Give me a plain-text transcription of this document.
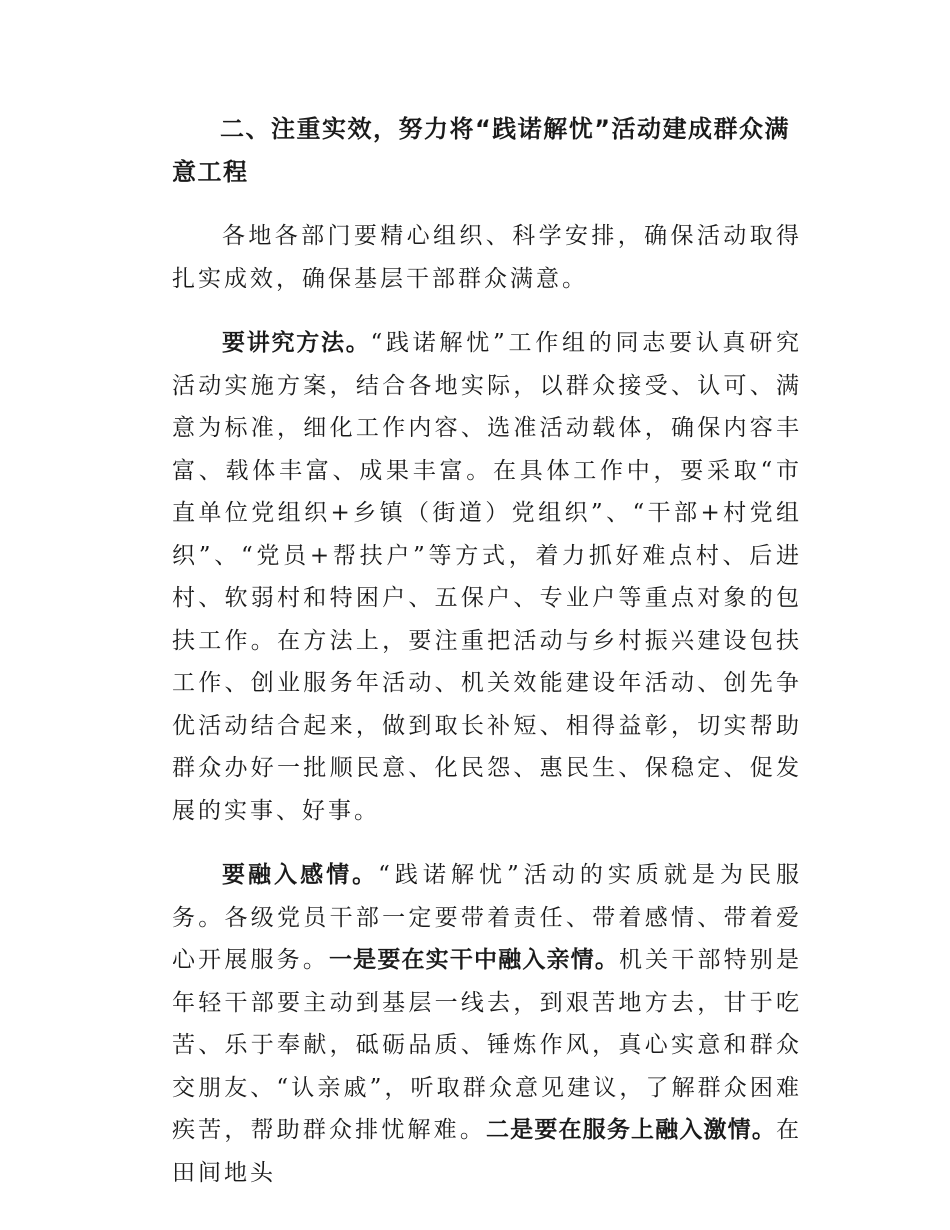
二、注重实效，努力将“践诺解忧”活动建成群众满意工程

各地各部门要精心组织、科学安排，确保活动取得扎实成效，确保基层干部群众满意。

要讲究方法。“践诺解忧”工作组的同志要认真研究活动实施方案，结合各地实际，以群众接受、认可、满意为标准，细化工作内容、选准活动载体，确保内容丰富、载体丰富、成果丰富。在具体工作中，要采取“市直单位党组织+乡镇（街道）党组织”、“干部+村党组织”、“党员+帮扶户”等方式，着力抓好难点村、后进村、软弱村和特困户、五保户、专业户等重点对象的包扶工作。在方法上，要注重把活动与乡村振兴建设包扶工作、创业服务年活动、机关效能建设年活动、创先争优活动结合起来，做到取长补短、相得益彰，切实帮助群众办好一批顺民意、化民怨、惠民生、保稳定、促发展的实事、好事。

要融入感情。“践诺解忧”活动的实质就是为民服务。各级党员干部一定要带着责任、带着感情、带着爱心开展服务。一是要在实干中融入亲情。机关干部特别是年轻干部要主动到基层一线去，到艰苦地方去，甘于吃苦、乐于奉献，砥砺品质、锤炼作风，真心实意和群众交朋友、“认亲戚”，听取群众意见建议，了解群众困难疾苦，帮助群众排忧解难。二是要在服务上融入激情。在田间地头
